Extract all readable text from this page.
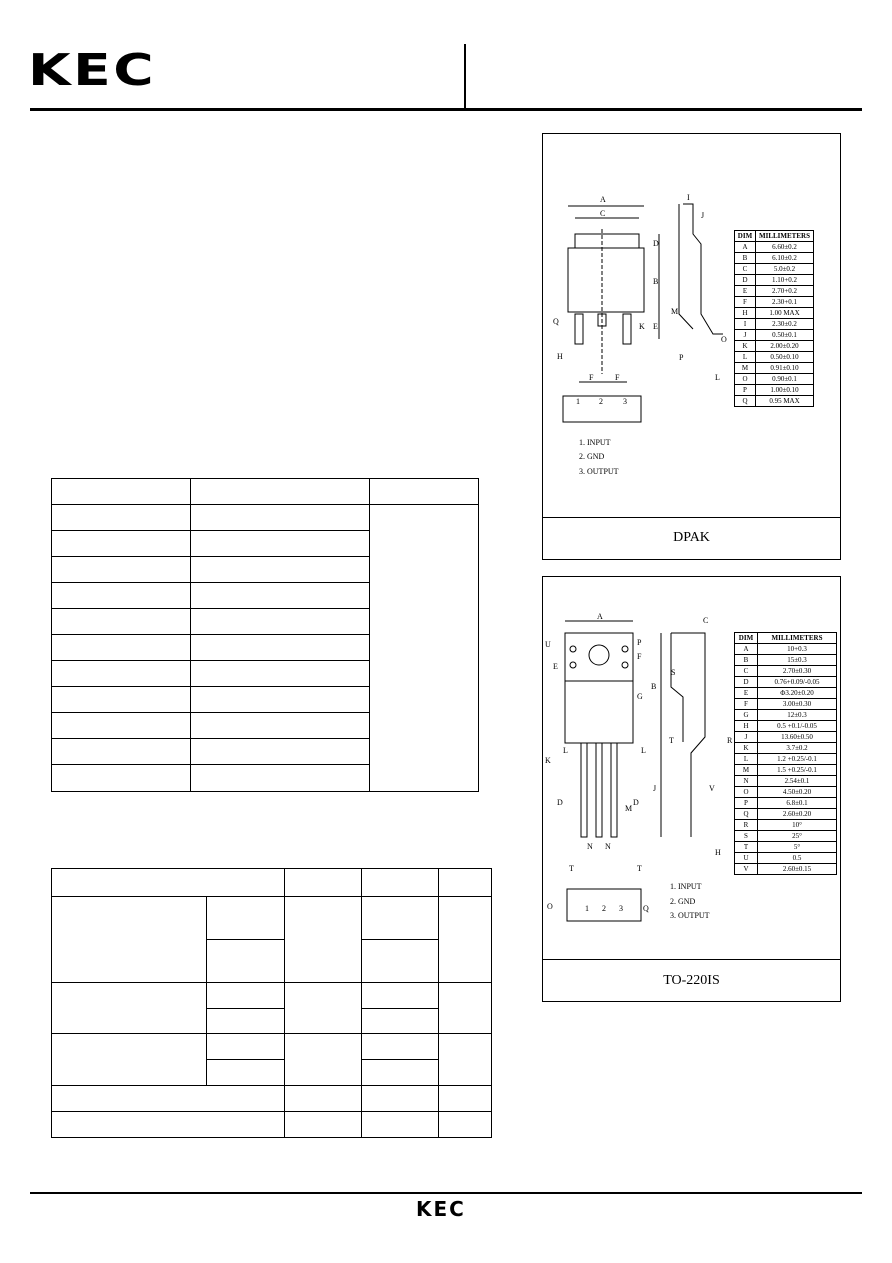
KEC

DPAK
A
C
D
B
E
K
Q
H
F	F
I
J
M
O
P
L
1 2	3
1. INPUT
2. GND
3. OUTPUT
DIM	MILLIMETERS
A	6.60±0.2
B	6.10±0.2
C	5.0±0.2
D	1.10+0.2
E	2.70+0.2
F	2.30+0.1
H	1.00 MAX
I	2.30±0.2
J	0.50±0.1
K	2.00±0.20
L	0.50±0.10
M	0.91±0.10
O	0.90±0.1
P	1.00±0.10
Q	0.95 MAX
TO-220IS
A	C
U
E
P
F
B
G
S
T	R
K
L	L
J
M
V
D	D
N N
H
T	T
Q
O	1 2 3
1. INPUT
2. GND
3. OUTPUT
DIM	MILLIMETERS
A	10+0.3
B	15±0.3
C	2.70±0.30
D	0.76+0.09/-0.05
E	Φ3.20±0.20
F	3.00±0.30
G	12±0.3
H	0.5 +0.1/-0.05
J	13.60±0.50
K	3.7±0.2
L	1.2 +0.25/-0.1
M	1.5 +0.25/-0.1
N	2.54±0.1
O	4.50±0.20
P	6.8±0.1
Q	2.60±0.20
R	10°
S	25°
T	5°
U	0.5
V	2.60±0.15
KEC
